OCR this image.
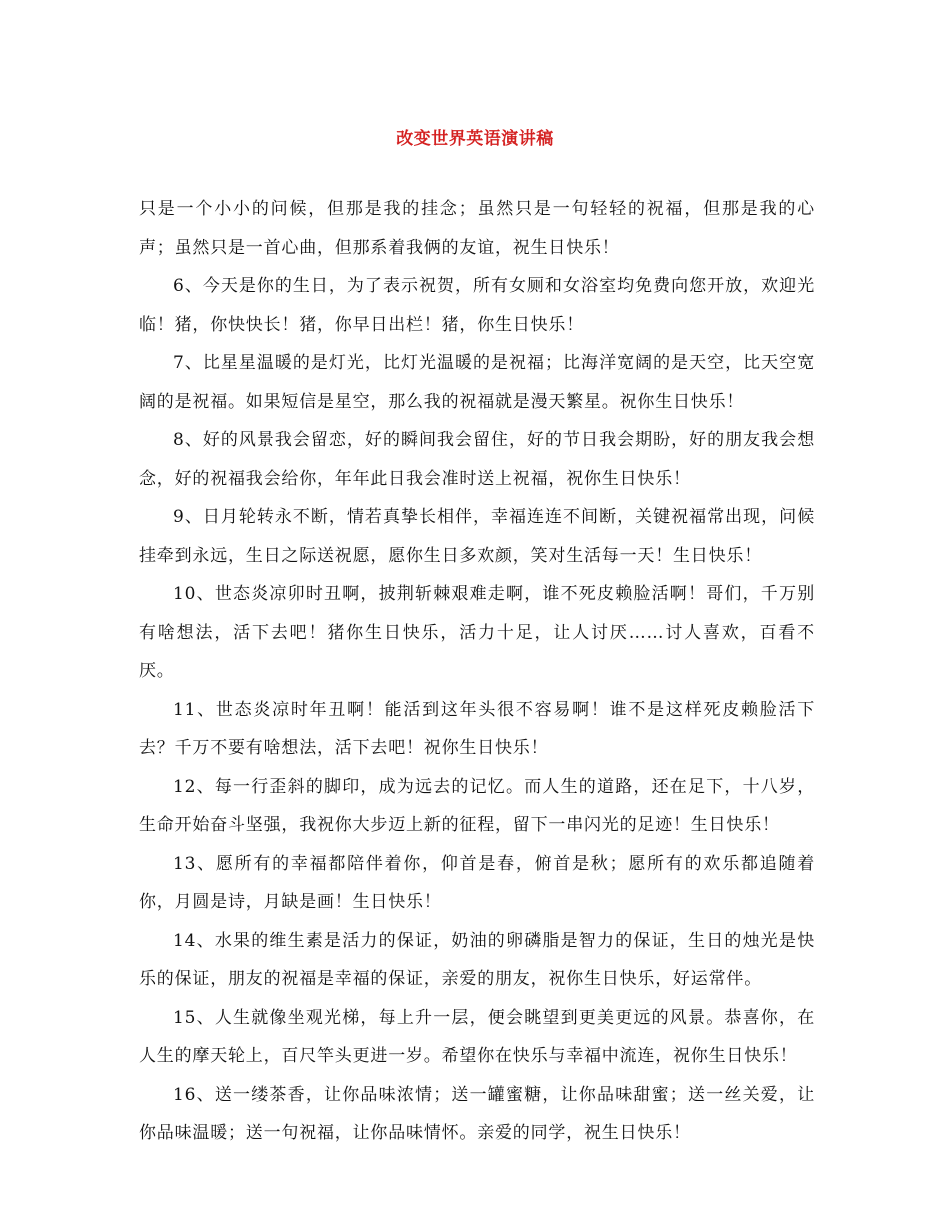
改变世界英语演讲稿

只是一个小小的问候，但那是我的挂念；虽然只是一句轻轻的祝福，但那是我的心声；虽然只是一首心曲，但那系着我俩的友谊，祝生日快乐！

6、今天是你的生日，为了表示祝贺，所有女厕和女浴室均免费向您开放，欢迎光临！猪，你快快长！猪，你早日出栏！猪，你生日快乐！

7、比星星温暖的是灯光，比灯光温暖的是祝福；比海洋宽阔的是天空，比天空宽阔的是祝福。如果短信是星空，那么我的祝福就是漫天繁星。祝你生日快乐！

8、好的风景我会留恋，好的瞬间我会留住，好的节日我会期盼，好的朋友我会想念，好的祝福我会给你，年年此日我会准时送上祝福，祝你生日快乐！

9、日月轮转永不断，情若真挚长相伴，幸福连连不间断，关键祝福常出现，问候挂牵到永远，生日之际送祝愿，愿你生日多欢颜，笑对生活每一天！生日快乐！

10、世态炎凉卯时丑啊，披荆斩棘艰难走啊，谁不死皮赖脸活啊！哥们，千万别有啥想法，活下去吧！猪你生日快乐，活力十足，让人讨厌……讨人喜欢，百看不厌。

11、世态炎凉时年丑啊！能活到这年头很不容易啊！谁不是这样死皮赖脸活下去？千万不要有啥想法，活下去吧！祝你生日快乐！

12、每一行歪斜的脚印，成为远去的记忆。而人生的道路，还在足下，十八岁，生命开始奋斗坚强，我祝你大步迈上新的征程，留下一串闪光的足迹！生日快乐！

13、愿所有的幸福都陪伴着你，仰首是春，俯首是秋；愿所有的欢乐都追随着你，月圆是诗，月缺是画！生日快乐！

14、水果的维生素是活力的保证，奶油的卵磷脂是智力的保证，生日的烛光是快乐的保证，朋友的祝福是幸福的保证，亲爱的朋友，祝你生日快乐，好运常伴。

15、人生就像坐观光梯，每上升一层，便会眺望到更美更远的风景。恭喜你，在人生的摩天轮上，百尺竿头更进一岁。希望你在快乐与幸福中流连，祝你生日快乐！

16、送一缕茶香，让你品味浓情；送一罐蜜糖，让你品味甜蜜；送一丝关爱，让你品味温暖；送一句祝福，让你品味情怀。亲爱的同学，祝生日快乐！
